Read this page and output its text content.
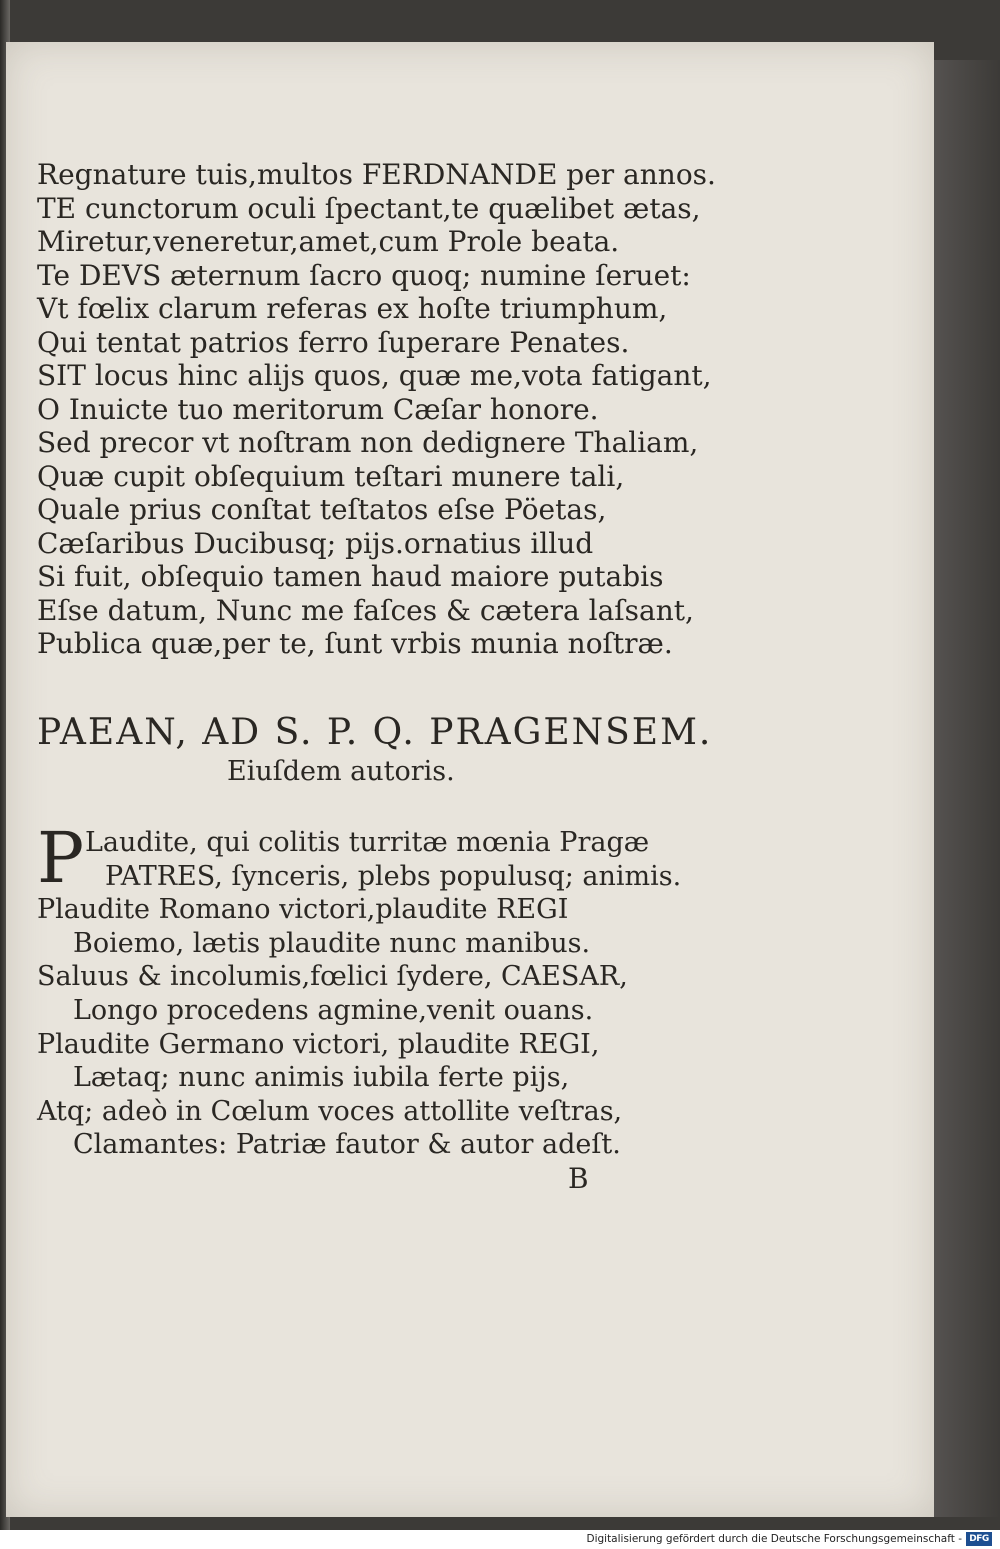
Regnature tuis,multos FERDNANDE per annos.
TE cunctorum oculi ſpectant,te quælibet ætas,
Miretur,veneretur,amet,cum Prole beata.
Te DEVS æternum ſacro quoq; numine ſeruet:
Vt fœlix clarum referas ex hoſte triumphum,
Qui tentat patrios ferro ſuperare Penates.
SIT locus hinc alijs quos, quæ me,vota fatigant,
O Inuicte tuo meritorum Cæſar honore.
Sed precor vt noſtram non dedignere Thaliam,
Quæ cupit obſequium teſtari munere tali,
Quale prius conſtat teſtatos eſse Pöetas,
Cæſaribus Ducibusq; pijs.ornatius illud
Si fuit, obſequio tamen haud maiore putabis
Eſse datum, Nunc me faſces & cætera laſsant,
Publica quæ,per te, ſunt vrbis munia noſtræ.
PAEAN, AD S. P. Q. PRAGENSEM.
Eiuſdem autoris.
P Laudite, qui colitis turritæ mœnia Pragæ
PATRES, ſynceris, plebs populusq; animis.
Plaudite Romano victori,plaudite REGI
Boiemo, lætis plaudite nunc manibus.
Saluus & incolumis,fœlici ſydere, CAESAR,
Longo procedens agmine,venit ouans.
Plaudite Germano victori, plaudite REGI,
Lætaq; nunc animis iubila ferte pijs,
Atq; adeò in Cœlum voces attollite veſtras,
Clamantes: Patriæ fautor & autor adeſt.
B
Digitalisierung gefördert durch die Deutsche Forschungsgemeinschaft - DFG
